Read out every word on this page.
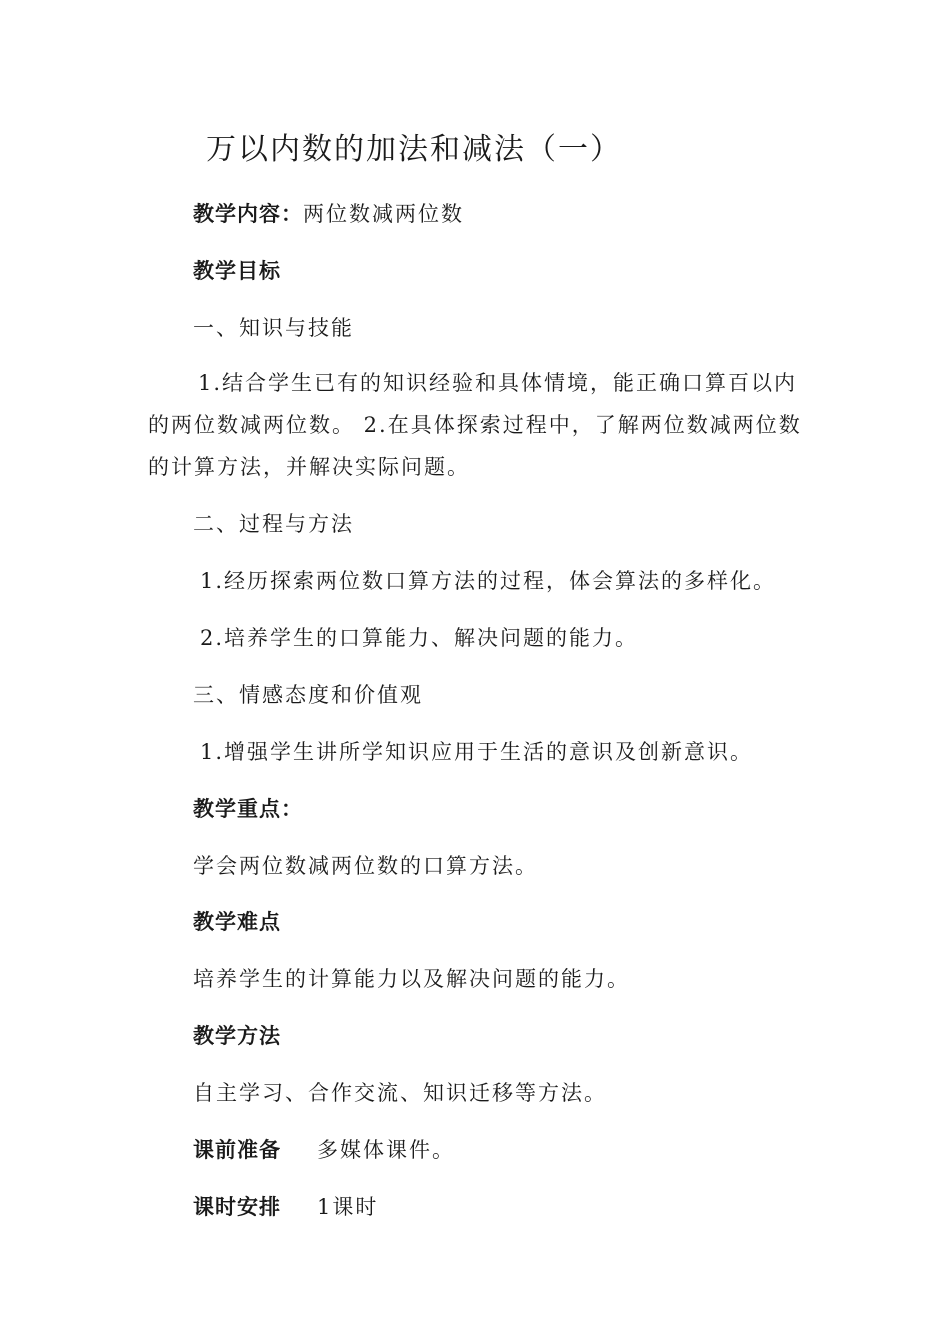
万以内数的加法和减法（一）
教学内容：两位数减两位数
教学目标
一、知识与技能
1.结合学生已有的知识经验和具体情境，能正确口算百以内的两位数减两位数。 2.在具体探索过程中，了解两位数减两位数的计算方法，并解决实际问题。
二、过程与方法
1.经历探索两位数口算方法的过程，体会算法的多样化。
2.培养学生的口算能力、解决问题的能力。
三、情感态度和价值观
1.增强学生讲所学知识应用于生活的意识及创新意识。
教学重点：
学会两位数减两位数的口算方法。
教学难点
培养学生的计算能力以及解决问题的能力。
教学方法
自主学习、合作交流、知识迁移等方法。
课前准备 多媒体课件。
课时安排 1课时
